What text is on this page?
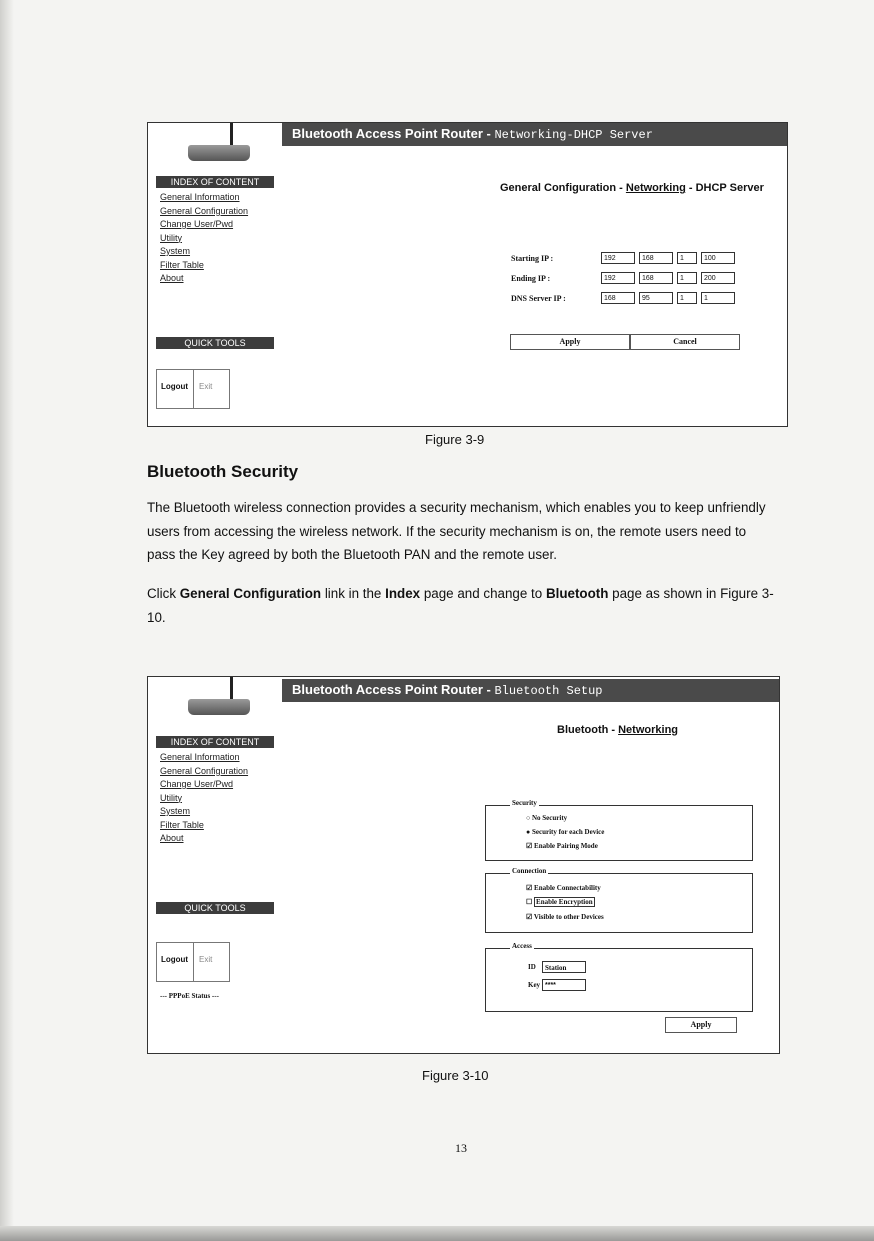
Bluetooth Access Point Router - Networking-DHCP Server
INDEX OF CONTENT
General Information
General Configuration
Change User/Pwd
Utility
System
Filter Table
About
QUICK TOOLS
Logout Exit
General Configuration - Networking - DHCP Server
Starting IP :	192	168	1	100
Ending IP :	192	168	1	200
DNS Server IP :	168	95	1	1
Apply	Cancel
Figure 3-9
Bluetooth Security

The Bluetooth wireless connection provides a security mechanism, which enables you to keep unfriendly users from accessing the wireless network. If the security mechanism is on, the remote users need to pass the Key agreed by both the Bluetooth PAN and the remote user.

Click General Configuration link in the Index page and change to Bluetooth page as shown in Figure 3-10.

Bluetooth Access Point Router - Bluetooth Setup
INDEX OF CONTENT
General Information
General Configuration
Change User/Pwd
Utility
System
Filter Table
About
QUICK TOOLS
Logout Exit
--- PPPoE Status ---
Bluetooth - Networking
Security
○ No Security
● Security for each Device
☑ Enable Pairing Mode
Connection
☑ Enable Connectability
☐ Enable Encryption
☑ Visible to other Devices
Access
ID	Station
Key ****
Apply
Figure 3-10
13
